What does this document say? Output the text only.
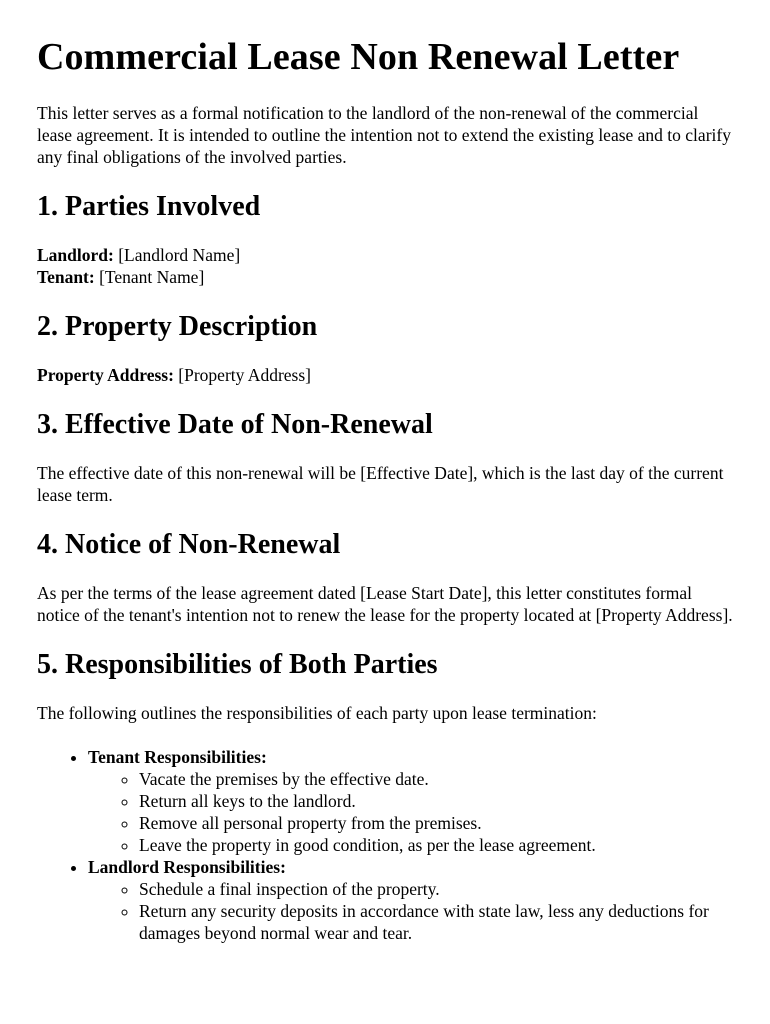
Commercial Lease Non Renewal Letter

This letter serves as a formal notification to the landlord of the non-renewal of the commercial lease agreement. It is intended to outline the intention not to extend the existing lease and to clarify any final obligations of the involved parties.

1. Parties Involved

Landlord: [Landlord Name]
Tenant: [Tenant Name]

2. Property Description

Property Address: [Property Address]

3. Effective Date of Non-Renewal

The effective date of this non-renewal will be [Effective Date], which is the last day of the current lease term.

4. Notice of Non-Renewal

As per the terms of the lease agreement dated [Lease Start Date], this letter constitutes formal notice of the tenant's intention not to renew the lease for the property located at [Property Address].

5. Responsibilities of Both Parties

The following outlines the responsibilities of each party upon lease termination:

• Tenant Responsibilities:
◦ Vacate the premises by the effective date.
◦ Return all keys to the landlord.
◦ Remove all personal property from the premises.
◦ Leave the property in good condition, as per the lease agreement.
• Landlord Responsibilities:
◦ Schedule a final inspection of the property.
◦ Return any security deposits in accordance with state law, less any deductions for damages beyond normal wear and tear.
